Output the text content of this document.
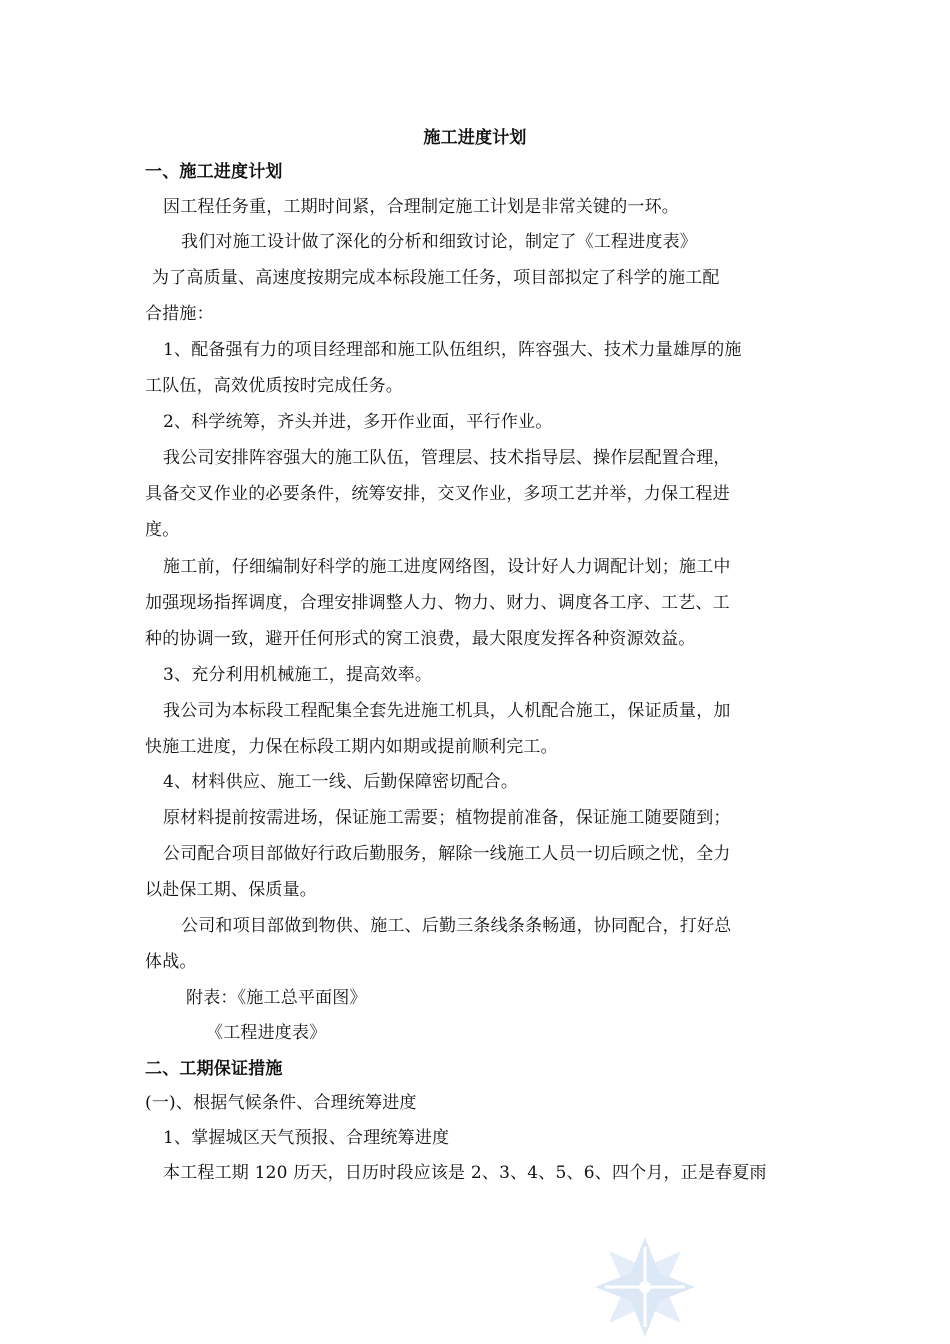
施工进度计划
一、施工进度计划
因工程任务重，工期时间紧，合理制定施工计划是非常关键的一环。
我们对施工设计做了深化的分析和细致讨论，制定了《工程进度表》
为了高质量、高速度按期完成本标段施工任务，项目部拟定了科学的施工配
合措施：
1、配备强有力的项目经理部和施工队伍组织，阵容强大、技术力量雄厚的施
工队伍，高效优质按时完成任务。
2、科学统筹，齐头并进，多开作业面，平行作业。
我公司安排阵容强大的施工队伍，管理层、技术指导层、操作层配置合理，
具备交叉作业的必要条件，统筹安排，交叉作业，多项工艺并举，力保工程进
度。
施工前，仔细编制好科学的施工进度网络图，设计好人力调配计划；施工中
加强现场指挥调度，合理安排调整人力、物力、财力、调度各工序、工艺、工
种的协调一致，避开任何形式的窝工浪费，最大限度发挥各种资源效益。
3、充分利用机械施工，提高效率。
我公司为本标段工程配集全套先进施工机具，人机配合施工，保证质量，加
快施工进度，力保在标段工期内如期或提前顺利完工。
4、材料供应、施工一线、后勤保障密切配合。
原材料提前按需进场，保证施工需要；植物提前准备，保证施工随要随到；
公司配合项目部做好行政后勤服务，解除一线施工人员一切后顾之忧，全力
以赴保工期、保质量。
公司和项目部做到物供、施工、后勤三条线条条畅通，协同配合，打好总
体战。
附表：《施工总平面图》
《工程进度表》
二、工期保证措施
(一)、根据气候条件、合理统筹进度
1、掌握城区天气预报、合理统筹进度
本工程工期 120 历天，日历时段应该是 2、3、4、5、6、四个月，正是春夏雨
